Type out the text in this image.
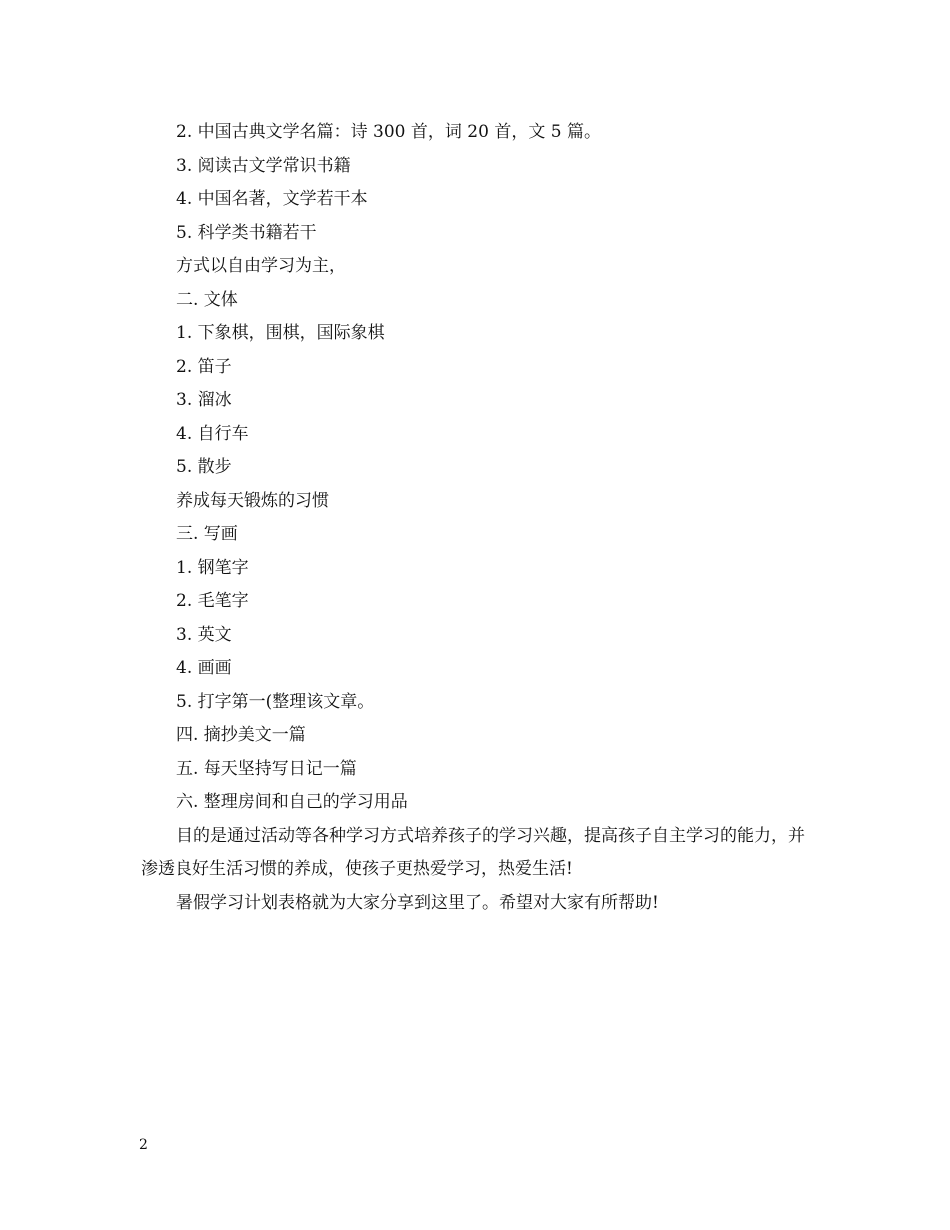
2. 中国古典文学名篇：诗 300 首，词 20 首，文 5 篇。

3. 阅读古文学常识书籍

4. 中国名著，文学若干本

5. 科学类书籍若干

方式以自由学习为主，

二. 文体

1. 下象棋，围棋，国际象棋

2. 笛子

3. 溜冰

4. 自行车

5. 散步

养成每天锻炼的习惯

三. 写画

1. 钢笔字

2. 毛笔字

3. 英文

4. 画画

5. 打字第一(整理该文章。

四. 摘抄美文一篇

五. 每天坚持写日记一篇

六. 整理房间和自己的学习用品

目的是通过活动等各种学习方式培养孩子的学习兴趣，提高孩子自主学习的能力，并渗透良好生活习惯的养成，使孩子更热爱学习，热爱生活!

暑假学习计划表格就为大家分享到这里了。希望对大家有所帮助!

2
